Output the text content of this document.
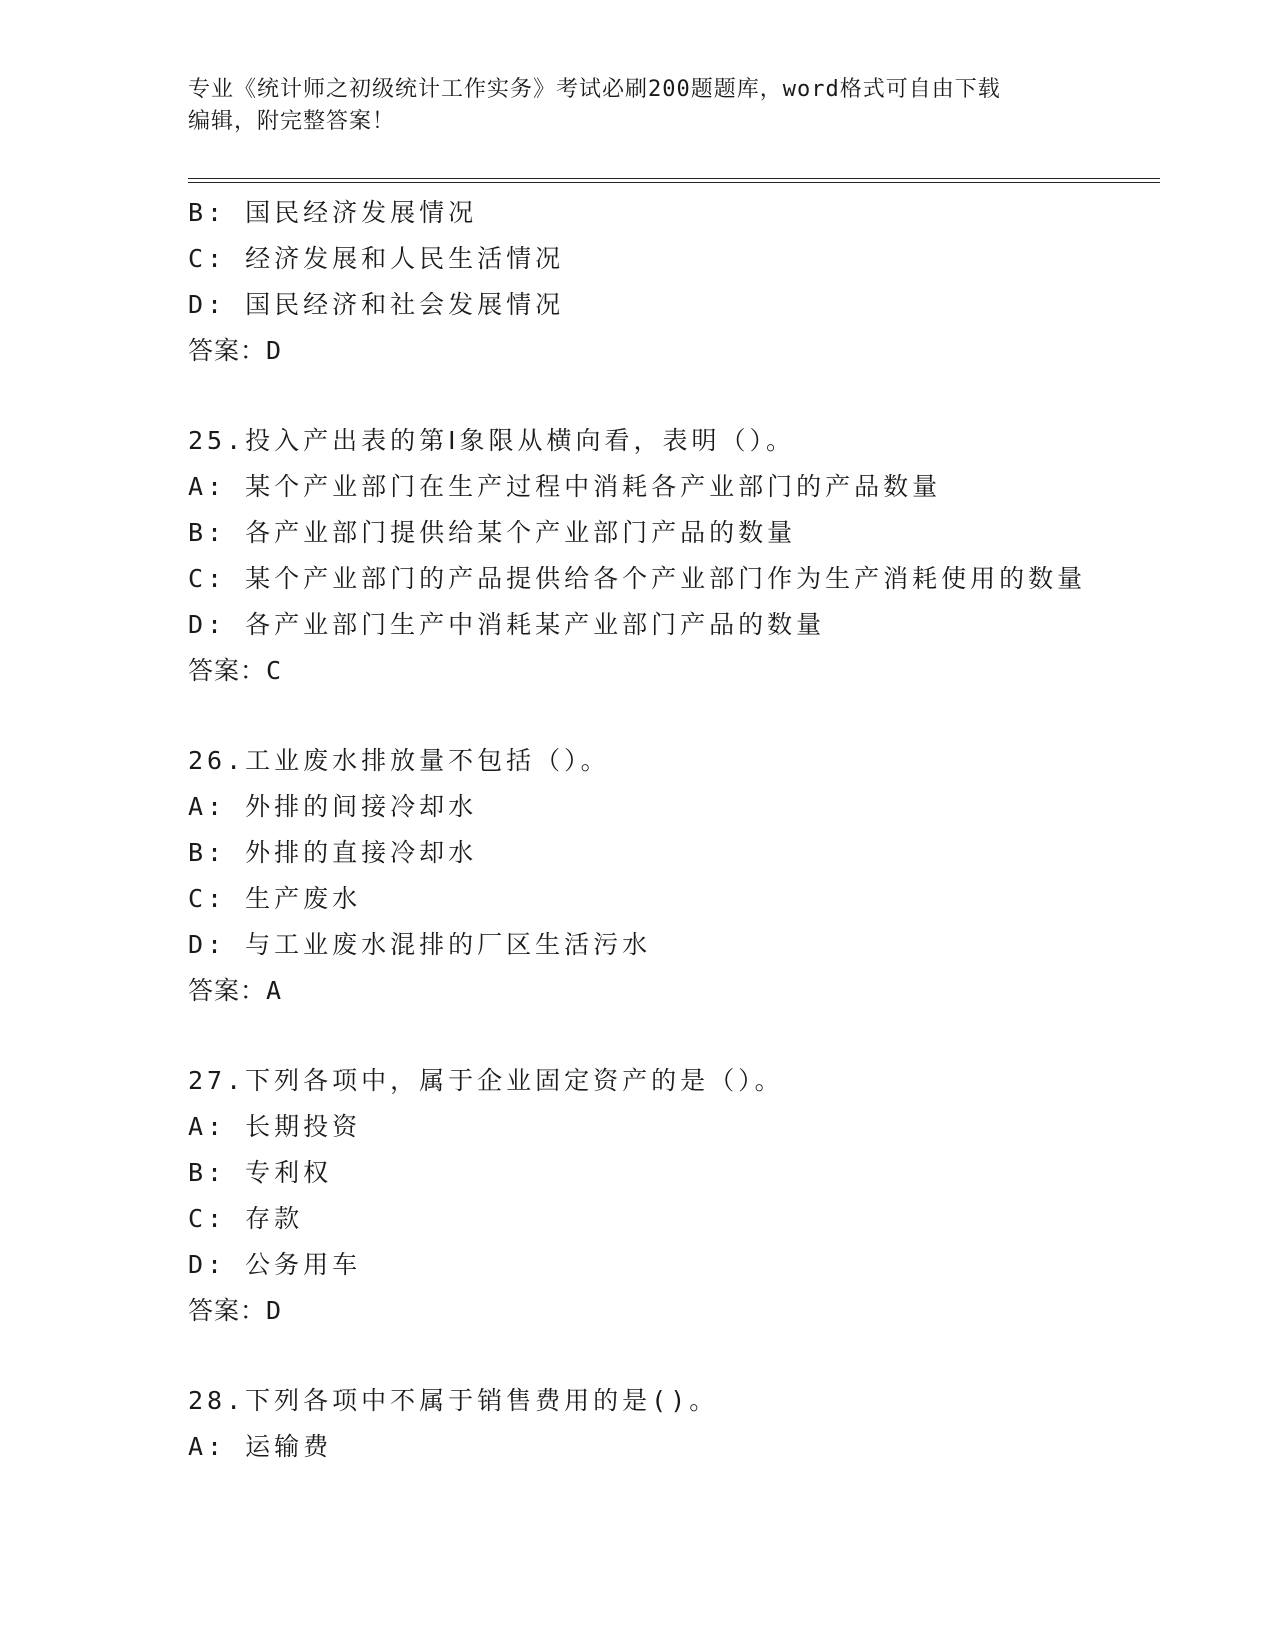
专业《统计师之初级统计工作实务》考试必刷200题题库，word格式可自由下载
编辑，附完整答案！
B: 国民经济发展情况
C: 经济发展和人民生活情况
D: 国民经济和社会发展情况
答案：D
25.投入产出表的第Ⅰ象限从横向看，表明（）。
A: 某个产业部门在生产过程中消耗各产业部门的产品数量
B: 各产业部门提供给某个产业部门产品的数量
C: 某个产业部门的产品提供给各个产业部门作为生产消耗使用的数量
D: 各产业部门生产中消耗某产业部门产品的数量
答案：C
26.工业废水排放量不包括（）。
A: 外排的间接冷却水
B: 外排的直接冷却水
C: 生产废水
D: 与工业废水混排的厂区生活污水
答案：A
27.下列各项中，属于企业固定资产的是（）。
A: 长期投资
B: 专利权
C: 存款
D: 公务用车
答案：D
28.下列各项中不属于销售费用的是()。
A: 运输费
